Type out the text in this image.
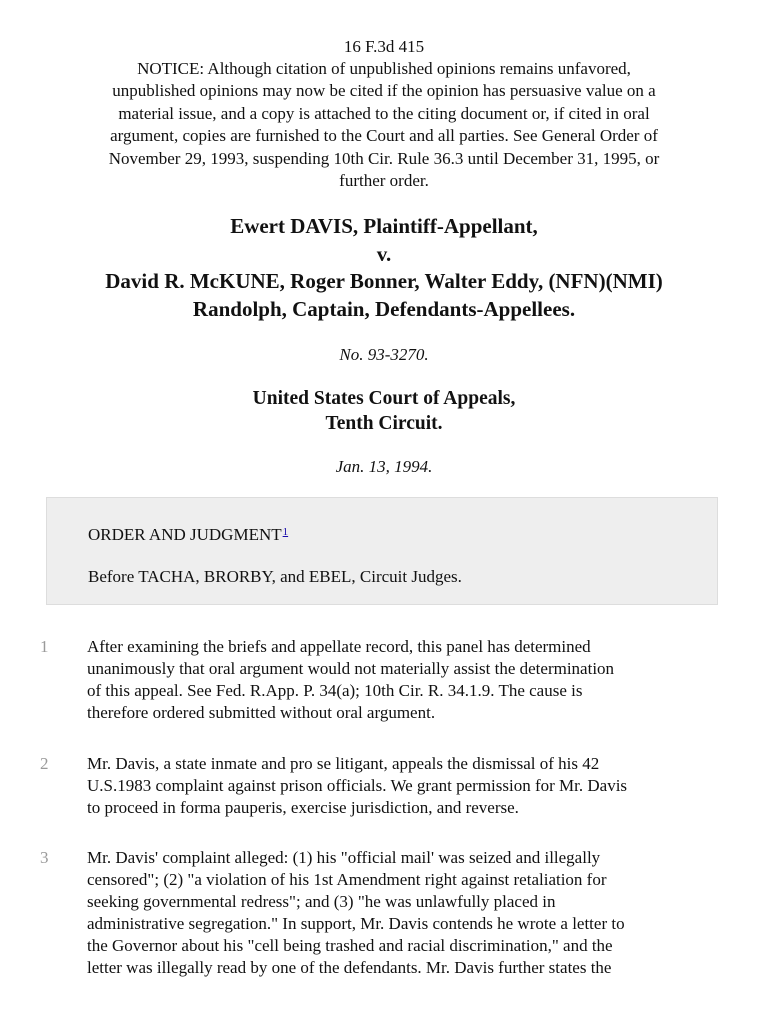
16 F.3d 415
NOTICE: Although citation of unpublished opinions remains unfavored,
unpublished opinions may now be cited if the opinion has persuasive value on a
material issue, and a copy is attached to the citing document or, if cited in oral
argument, copies are furnished to the Court and all parties. See General Order of
November 29, 1993, suspending 10th Cir. Rule 36.3 until December 31, 1995, or
further order.
Ewert DAVIS, Plaintiff-Appellant,
v.
David R. McKUNE, Roger Bonner, Walter Eddy, (NFN)(NMI)
Randolph, Captain, Defendants-Appellees.
No. 93-3270.
United States Court of Appeals,
Tenth Circuit.
Jan. 13, 1994.
ORDER AND JUDGMENT$^1$
Before TACHA, BRORBY, and EBEL, Circuit Judges.
1	After examining the briefs and appellate record, this panel has determined
unanimously that oral argument would not materially assist the determination
of this appeal. See Fed. R.App. P. 34(a); 10th Cir. R. 34.1.9. The cause is
therefore ordered submitted without oral argument.
2	Mr. Davis, a state inmate and pro se litigant, appeals the dismissal of his 42
U.S.1983 complaint against prison officials. We grant permission for Mr. Davis
to proceed in forma pauperis, exercise jurisdiction, and reverse.
3	Mr. Davis' complaint alleged: (1) his "official mail' was seized and illegally
censored"; (2) "a violation of his 1st Amendment right against retaliation for
seeking governmental redress"; and (3) "he was unlawfully placed in
administrative segregation." In support, Mr. Davis contends he wrote a letter to
the Governor about his "cell being trashed and racial discrimination," and the
letter was illegally read by one of the defendants. Mr. Davis further states the
